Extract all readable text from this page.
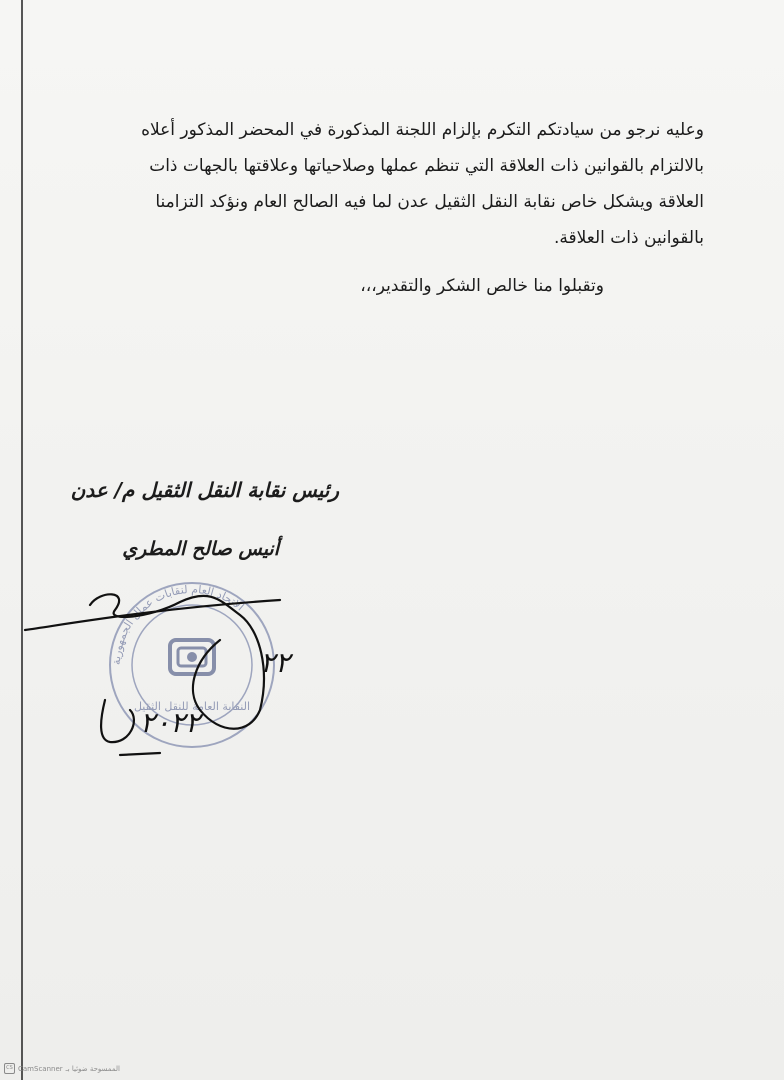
وعليه نرجو من سيادتكم التكرم بإلزام اللجنة المذكورة في المحضر المذكور أعلاه

بالالتزام بالقوانين ذات العلاقة التي تنظم عملها وصلاحياتها وعلاقتها بالجهات ذات

العلاقة ويشكل خاص نقابة النقل الثقيل عدن لما فيه الصالح العام ونؤكد التزامنا

بالقوانين ذات العلاقة.

وتقبلوا منا خالص الشكر والتقدير،،،
رئيس نقابة النقل الثقيل م/ عدن
أنيس صالح المطري
الاتحاد العام لنقابات عمال الجمهورية
النقابة العامة للنقل الثقيل
٢٢
٢٠٢٢
CS CamScanner الممسوحة ضوئيا بـ
